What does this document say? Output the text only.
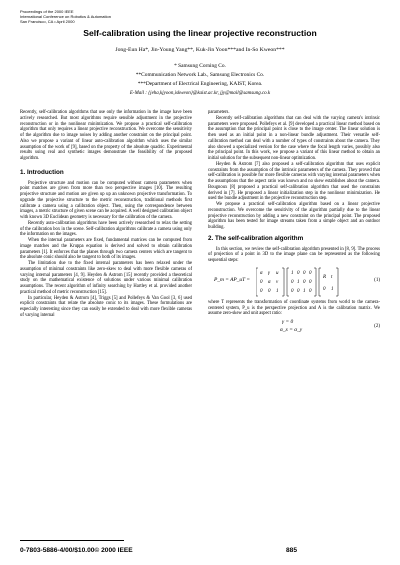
Proceedings of the 2000 IEEE
International Conference on Robotics & Automation
San Francisco, CA • April 2000
Self-calibration using the linear projective reconstruction
Jong-Eun Ha*, Jin-Young Yang**, Kuk-Jin Yoon***and In-So Kweon***
* Samsung Corning Co.
**Communication Network Lab., Samsung Electronics Co.
***Department of Electrical Engineering, KAIST, Korea.
E-Mail : {jeha,kjyoon,iskweon}@kaist.ac.kr, jjy@mail@samsung.co.k

Recently, self-calibration algorithms that use only the information in the image have been actively researched. But most algorithms require sensible adjustment in the projective reconstruction or in the nonlinear minimization. We propose a practical self-calibration algorithm that only requires a linear projective reconstruction. We overcome the sensitivity of the algorithm due to image noises by adding another constraint on the principal point. Also we propose a variant of linear auto-calibration algorithm which uses the similar assumption of the work of [9], based on the property of the absolute quadric. Experimental results using real and synthetic images demonstrate the feasibility of the proposed algorithm.

1. Introduction

Projective structure and motion can be computed without camera parameters when point matches are given from more than two perspective images [10]. The resulting projective structure and motion are given up up an unknown projective transformation. To upgrade the projective structure to the metric reconstruction, traditional methods first calibrate a camera using a calibration object. Then, using the correspondence between images, a metric structure of given scene can be acquired. A well designed calibration object with known 3D Euclidean geometry is necessary for the calibration of the camera.

Recently auto-calibration algorithms have been actively researched to relax the setting of the calibration box in the scene. Self-calibration algorithms calibrate a camera using only the information on the images.

When the internal parameters are fixed, fundamental matrices can be computed from image matches and the Kruppa equation is derived and solved to obtain calibration parameters [1]. It enforces that the planes through two camera centers which are tangent to the absolute conic should also be tangent to both of its images.

The limitation due to the fixed internal parameters has been relaxed under the assumption of minimal constraints like zero-skew to deal with more flexible cameras of varying internal parameters [4, 9]. Heyden & Astrom [15] recently provided a theoretical study on the mathematical existence of solutions under various minimal calibration assumptions. The recent algorithm of infinity searching by Hartley et al. provided another practical method of metric reconstruction [15].

In particular, Heyden & Astrom [4], Triggs [5] and Pollefeys & Van Gool [3, 6] used explicit constraints that relate the absolute conic to its images. These formulations are especially interesting since they can easily be extended to deal with more flexible cameras of varying internal

parameters.

Recently self-calibration algorithms that can deal with the varying camera's intrinsic parameters were proposed. Pollefeys et al. [9] developed a practical linear method based on the assumption that the principal point is close to the image center. The linear solution is then used as an initial point in a non-linear bundle adjustment. Their versatile self-calibration method can deal with a number of types of constraints about the camera. They also showed a specialized version for the case where the focal length varies, possibly also the principal point. In this work, we propose a variant of this linear method to obtain an initial solution for the subsequent non-linear optimization.

Heyden & Astrom [7] also proposed a self-calibration algorithm that uses explicit constraints from the assumption of the intrinsic parameters of the camera. They proved that self-calibration is possible for more flexible cameras with varying internal parameters when the assumptions that the aspect ratio was known and no skew establishes about the camera. Bougnoux [8] proposed a practical self-calibration algorithm that used the constraints derived in [7]. He proposed a linear initialization step in the nonlinear minimization. He used the bundle adjustment in the projective reconstruction step.

We propose a practical self-calibration algorithm based on a linear projective reconstruction. We overcome the sensitivity of the algorithm partially due to the linear projective reconstruction by adding a new constraint on the principal point. The proposed algorithm has been tested for image streams taken from a simple object and an outdoor building.

2. The self-calibration algorithm

In this section, we review the self-calibration algorithm presented in [8, 9]. The process of projection of a point in 3D to the image plane can be represented as the following sequential steps:

P_m = AP_uT =
α γ u
0 α v
0 0 1
1 0 0 0
0 1 0 0
0 0 1 0
R t
0 1
(1)

where T represents the transformation of coordinate systems from world to the camera-centered system, P_u is the perspective projection and A is the calibration matrix. We assume zero-skew and unit aspect ratio:

γ = 0
α_x = α_y
(2)
0-7803-5886-4/00/$10.00© 2000 IEEE	885
